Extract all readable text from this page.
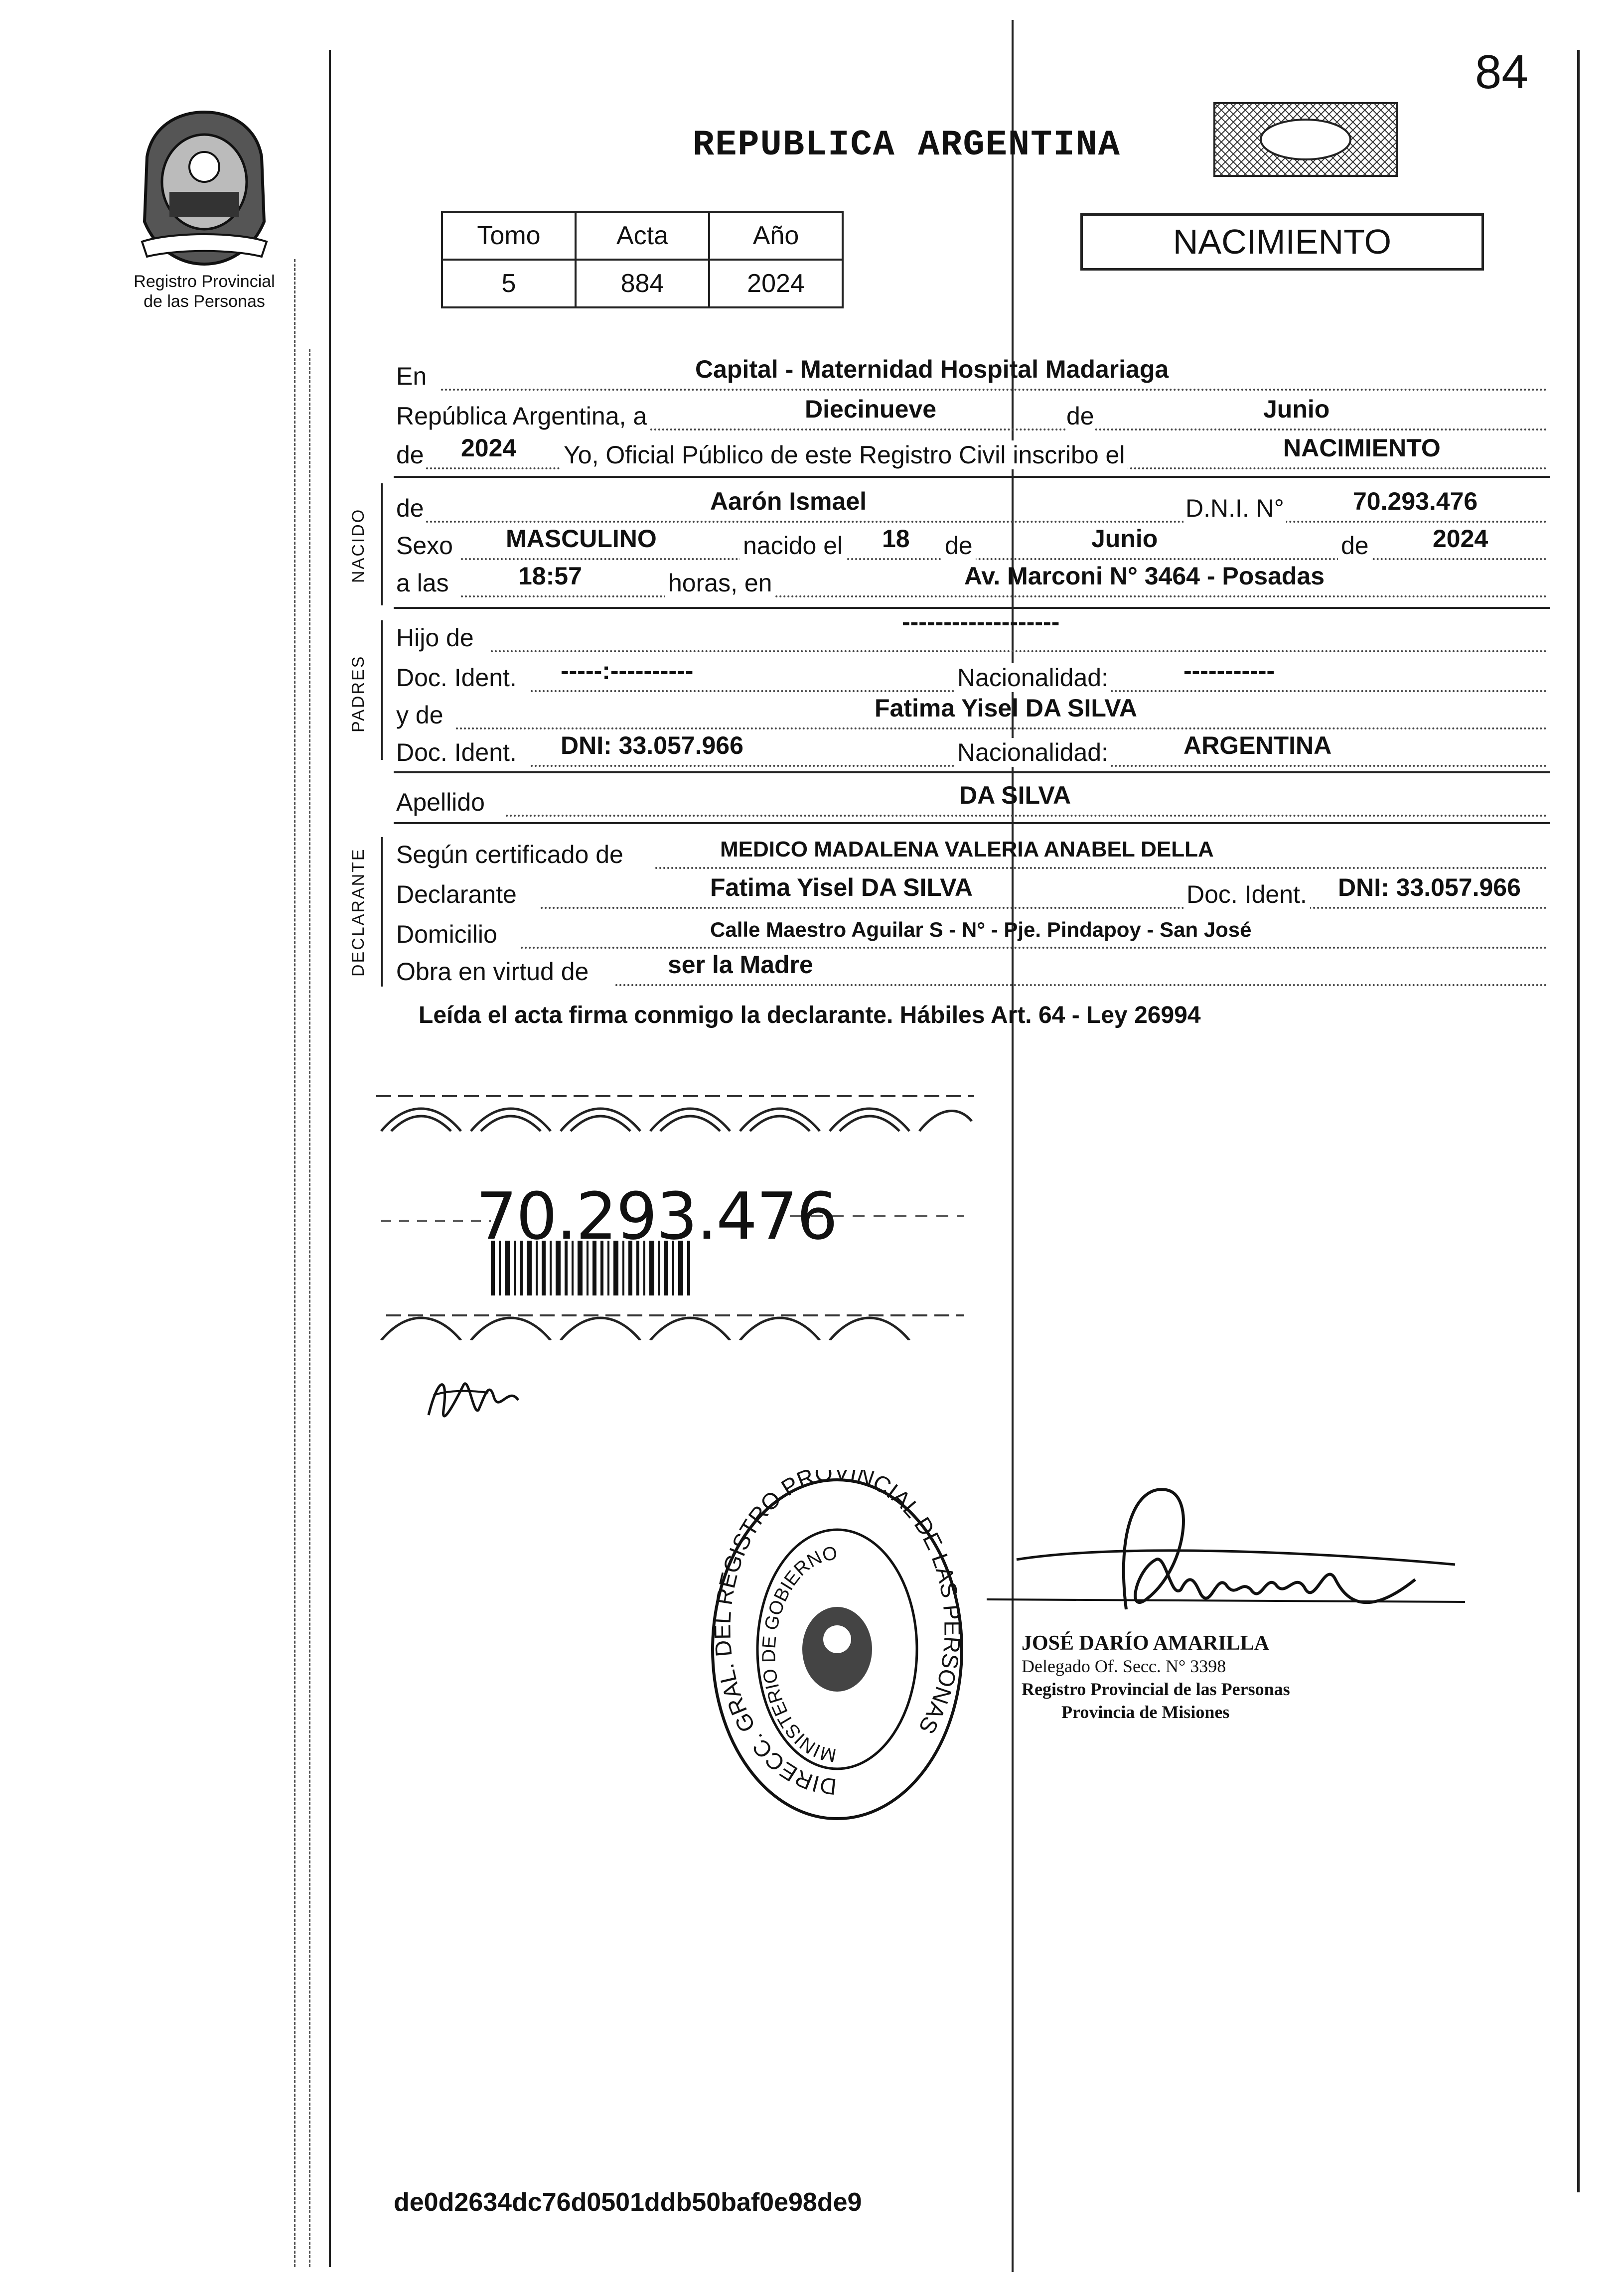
84
Registro Provincial
de las Personas
REPUBLICA ARGENTINA
Tomo	Acta	Año
5	884	2024
NACIMIENTO
En	Capital - Maternidad Hospital Madariaga
República Argentina, a	Diecinueve	de	Junio
de 2024 Yo, Oficial Público de este Registro Civil inscribo el	NACIMIENTO
NACIDO de	Aarón Ismael	D.N.I. N°	70.293.476
Sexo MASCULINO	nacido el 18 de	Junio	de	2024
a las	18:57	horas, en	Av. Marconi N° 3464 - Posadas
PADRES
Hijo de
-------------------
Doc. Ident. -----:----------	Nacionalidad:	-----------
y de	Fatima Yisel DA SILVA
Doc. Ident. DNI: 33.057.966	Nacionalidad:	ARGENTINA
Apellido	DA SILVA
DECLARANTE Según certificado de	MEDICO MADALENA VALERIA ANABEL DELLA
Declarante	Fatima Yisel DA SILVA	Doc. Ident. DNI: 33.057.966
Domicilio	Calle Maestro Aguilar S - N° - Pje. Pindapoy - San José
Obra en virtud de	ser la Madre
Leída el acta firma conmigo la declarante. Hábiles Art. 64 - Ley 26994
70.293.476
DIRECC. GRAL. DEL REGISTRO PROVINCIAL DE LAS PERSONAS
MINISTERIO DE GOBIERNO
JOSÉ DARÍO AMARILLA
Delegado Of. Secc. N° 3398
Registro Provincial de las Personas
Provincia de Misiones
de0d2634dc76d0501ddb50baf0e98de9
